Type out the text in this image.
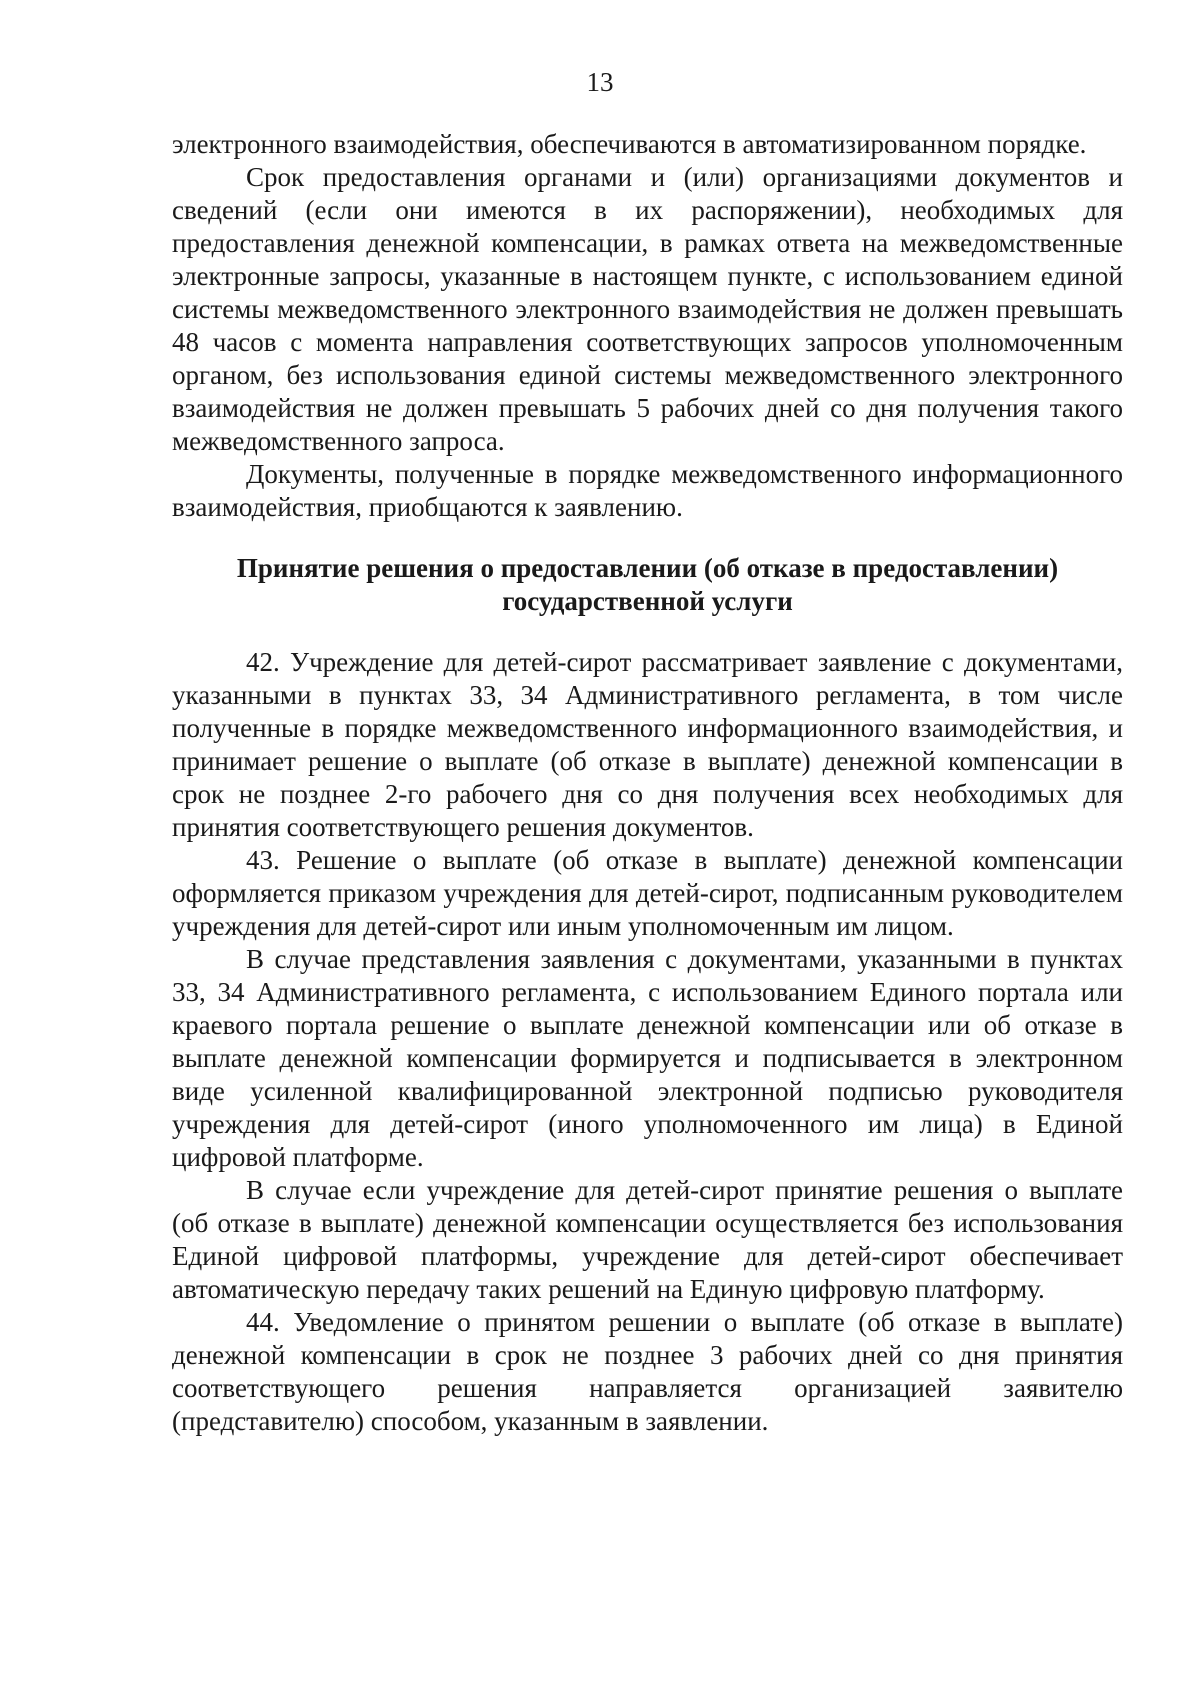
13

электронного взаимодействия, обеспечиваются в автоматизированном порядке.

Срок предоставления органами и (или) организациями документов и сведений (если они имеются в их распоряжении), необходимых для предоставления денежной компенсации, в рамках ответа на межведомственные электронные запросы, указанные в настоящем пункте, с использованием единой системы межведомственного электронного взаимодействия не должен превышать 48 часов с момента направления соответствующих запросов уполномоченным органом, без использования единой системы межведомственного электронного взаимодействия не должен превышать 5 рабочих дней со дня получения такого межведомственного запроса.

Документы, полученные в порядке межведомственного информационного взаимодействия, приобщаются к заявлению.

Принятие решения о предоставлении (об отказе в предоставлении)
государственной услуги

42. Учреждение для детей-сирот рассматривает заявление с документами, указанными в пунктах 33, 34 Административного регламента, в том числе полученные в порядке межведомственного информационного взаимодействия, и принимает решение о выплате (об отказе в выплате) денежной компенсации в срок не позднее 2-го рабочего дня со дня получения всех необходимых для принятия соответствующего решения документов.

43. Решение о выплате (об отказе в выплате) денежной компенсации оформляется приказом учреждения для детей-сирот, подписанным руководителем учреждения для детей-сирот или иным уполномоченным им лицом.

В случае представления заявления с документами, указанными в пунктах 33, 34 Административного регламента, с использованием Единого портала или краевого портала решение о выплате денежной компенсации или об отказе в выплате денежной компенсации формируется и подписывается в электронном виде усиленной квалифицированной электронной подписью руководителя учреждения для детей-сирот (иного уполномоченного им лица) в Единой цифровой платформе.

В случае если учреждение для детей-сирот принятие решения о выплате (об отказе в выплате) денежной компенсации осуществляется без использования Единой цифровой платформы, учреждение для детей-сирот обеспечивает автоматическую передачу таких решений на Единую цифровую платформу.

44. Уведомление о принятом решении о выплате (об отказе в выплате) денежной компенсации в срок не позднее 3 рабочих дней со дня принятия соответствующего решения направляется организацией заявителю (представителю) способом, указанным в заявлении.
